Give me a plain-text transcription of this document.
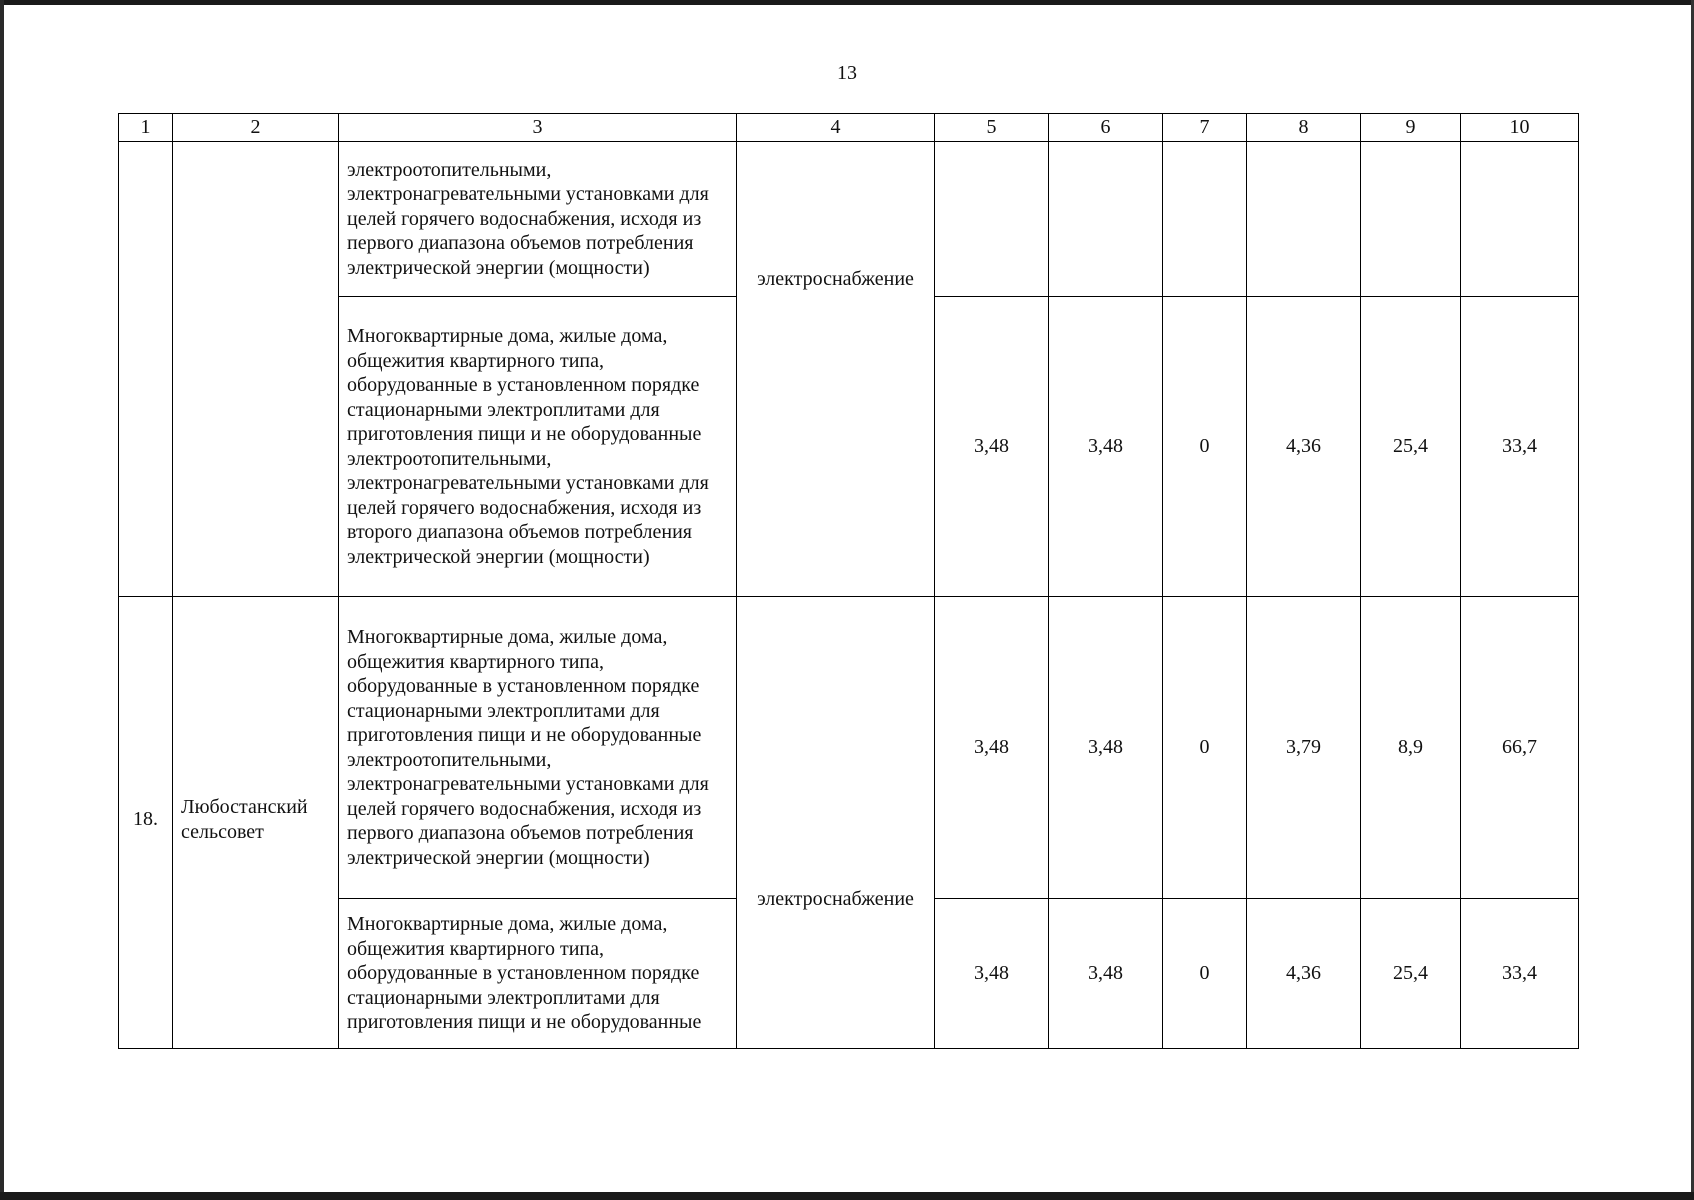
13
1	2	3	4	5	6	7	8	9	10
		электроотопительными, электронагревательными установками для целей горячего водоснабжения, исходя из первого диапазона объемов потребления электрической энергии (мощности)	электроснабжение						
		Многоквартирные дома, жилые дома, общежития квартирного типа, оборудованные в установленном порядке стационарными электроплитами для приготовления пищи и не оборудованные электроотопительными, электронагревательными установками для целей горячего водоснабжения, исходя из второго диапазона объемов потребления электрической энергии (мощности)		3,48	3,48	0	4,36	25,4	33,4
18.	Любостанский сельсовет	Многоквартирные дома, жилые дома, общежития квартирного типа, оборудованные в установленном порядке стационарными электроплитами для приготовления пищи и не оборудованные электроотопительными, электронагревательными установками для целей горячего водоснабжения, исходя из первого диапазона объемов потребления электрической энергии (мощности)	электроснабжение	3,48	3,48	0	3,79	8,9	66,7
		Многоквартирные дома, жилые дома, общежития квартирного типа, оборудованные в установленном порядке стационарными электроплитами для приготовления пищи и не оборудованные		3,48	3,48	0	4,36	25,4	33,4
